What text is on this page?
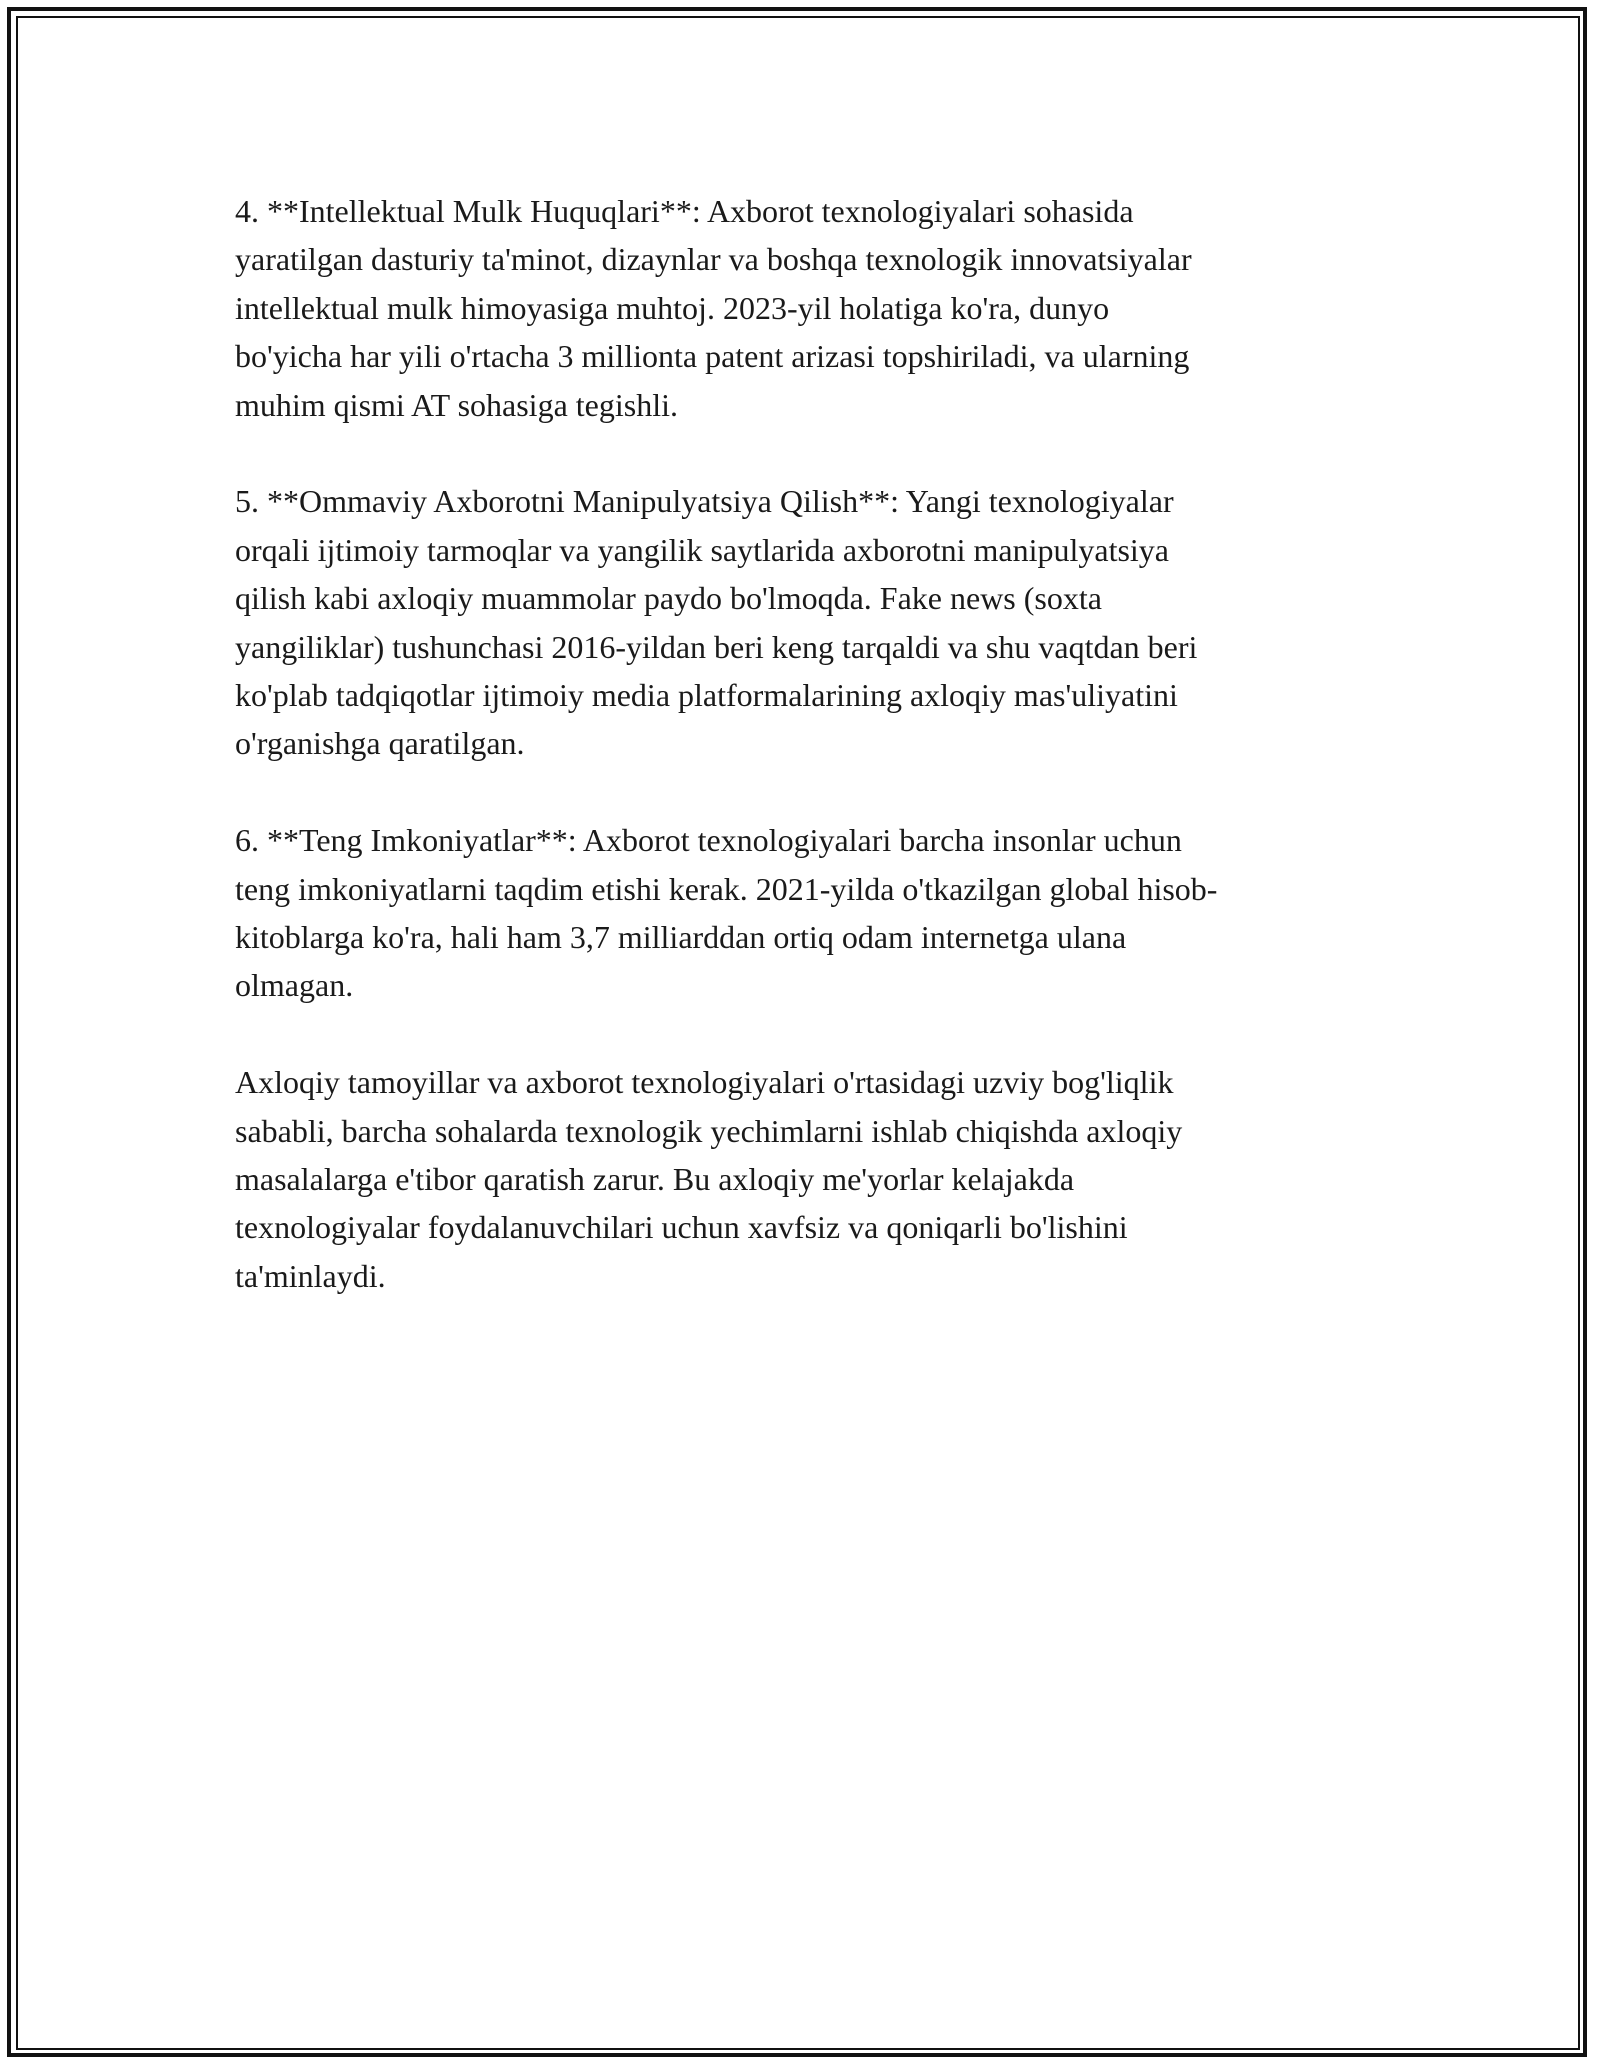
4. **Intellektual Mulk Huquqlari**: Axborot texnologiyalari sohasida
yaratilgan dasturiy ta'minot, dizaynlar va boshqa texnologik innovatsiyalar
intellektual mulk himoyasiga muhtoj. 2023-yil holatiga ko'ra, dunyo
bo'yicha har yili o'rtacha 3 millionta patent arizasi topshiriladi, va ularning
muhim qismi AT sohasiga tegishli.
5. **Ommaviy Axborotni Manipulyatsiya Qilish**: Yangi texnologiyalar
orqali ijtimoiy tarmoqlar va yangilik saytlarida axborotni manipulyatsiya
qilish kabi axloqiy muammolar paydo bo'lmoqda. Fake news (soxta
yangiliklar) tushunchasi 2016-yildan beri keng tarqaldi va shu vaqtdan beri
ko'plab tadqiqotlar ijtimoiy media platformalarining axloqiy mas'uliyatini
o'rganishga qaratilgan.
6. **Teng Imkoniyatlar**: Axborot texnologiyalari barcha insonlar uchun
teng imkoniyatlarni taqdim etishi kerak. 2021-yilda o'tkazilgan global hisob-
kitoblarga ko'ra, hali ham 3,7 milliarddan ortiq odam internetga ulana
olmagan.
Axloqiy tamoyillar va axborot texnologiyalari o'rtasidagi uzviy bog'liqlik
sababli, barcha sohalarda texnologik yechimlarni ishlab chiqishda axloqiy
masalalarga e'tibor qaratish zarur. Bu axloqiy me'yorlar kelajakda
texnologiyalar foydalanuvchilari uchun xavfsiz va qoniqarli bo'lishini
ta'minlaydi.
